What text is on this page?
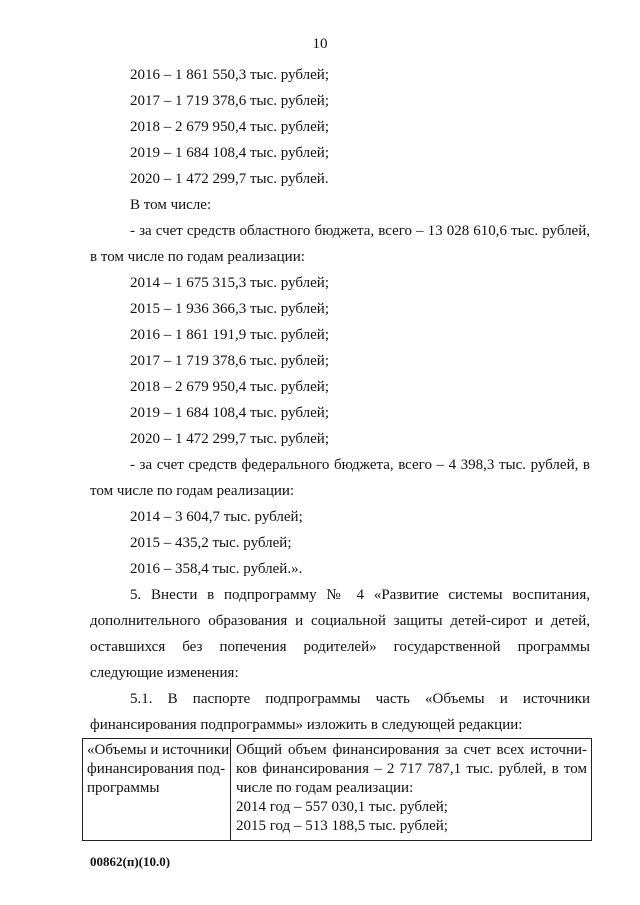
10
2016 – 1 861 550,3 тыс. рублей;
2017 – 1 719 378,6 тыс. рублей;
2018 – 2 679 950,4 тыс. рублей;
2019 – 1 684 108,4 тыс. рублей;
2020 – 1 472 299,7 тыс. рублей.
В том числе:
- за счет средств областного бюджета, всего – 13 028 610,6 тыс. рублей,
в том числе по годам реализации:
2014 – 1 675 315,3 тыс. рублей;
2015 – 1 936 366,3 тыс. рублей;
2016 – 1 861 191,9 тыс. рублей;
2017 – 1 719 378,6 тыс. рублей;
2018 – 2 679 950,4 тыс. рублей;
2019 – 1 684 108,4 тыс. рублей;
2020 – 1 472 299,7 тыс. рублей;
- за счет средств федерального бюджета, всего – 4 398,3 тыс. рублей, в
том числе по годам реализации:
2014 – 3 604,7 тыс. рублей;
2015 – 435,2 тыс. рублей;
2016 – 358,4 тыс. рублей.».
5. Внести в подпрограмму № 4 «Развитие системы воспитания,
дополнительного образования и социальной защиты детей-сирот и детей,
оставшихся без попечения родителей» государственной программы
следующие изменения:
5.1. В паспорте подпрограммы часть «Объемы и источники
финансирования подпрограммы» изложить в следующей редакции:
«Объемы и источники
финансирования под-
программы
Общий объем финансирования за счет всех источни-
ков финансирования – 2 717 787,1 тыс. рублей, в том
числе по годам реализации:
2014 год – 557 030,1 тыс. рублей;
2015 год – 513 188,5 тыс. рублей;
00862(п)(10.0)
